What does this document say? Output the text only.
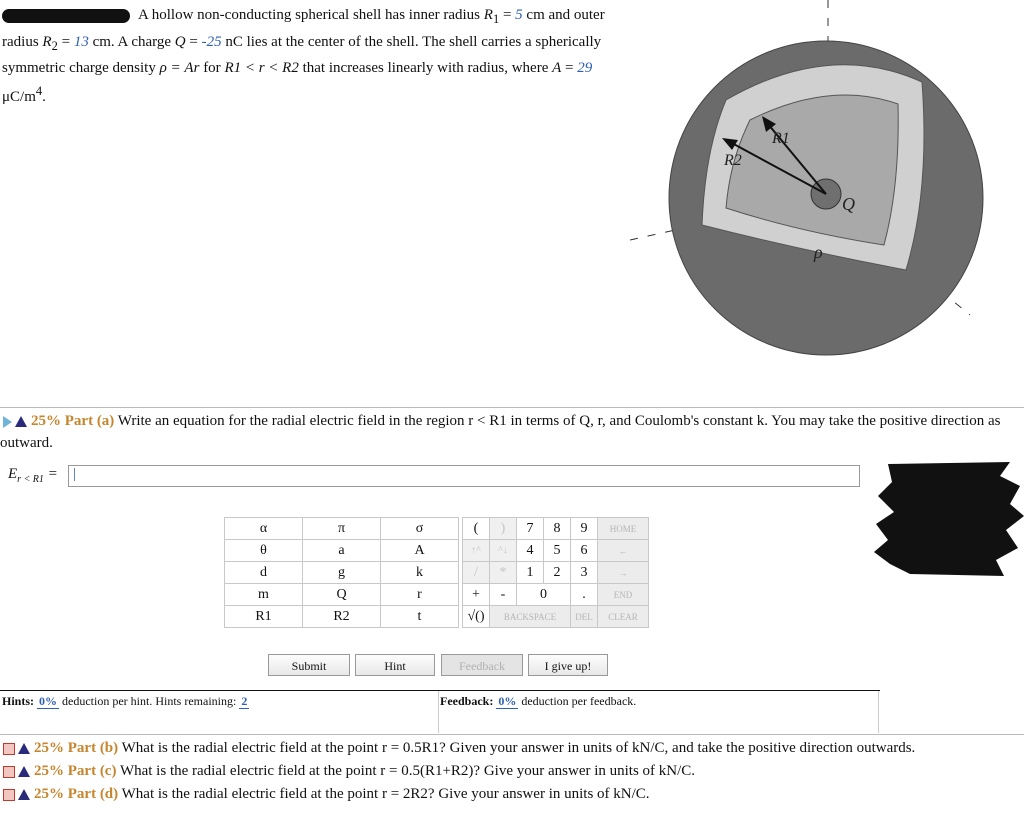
A hollow non-conducting spherical shell has inner radius $R_1 = 5$ cm and outer radius $R_2 = 13$ cm. A charge Q = -25 nC lies at the center of the shell. The shell carries a spherically symmetric charge density ρ = Ar for R1 < r < R2 that increases linearly with radius, where A = 29 $\mu C/m^4$.
R1
R2
Q
ρ
25% Part (a) Write an equation for the radial electric field in the region r < R1 in terms of Q, r, and Coulomb's constant k. You may take the positive direction as outward.
$E_{r < R1}$ =	|
α	π	σ
θ	a	A
d	g	k
m	Q	r
R1	R2	t
(	)	7	8	9	HOME
↑^	^↓	4	5	6	←
/	*	1	2	3	→
+	-	0		.	END
√()	BACKSPACE			DEL	CLEAR
Submit	Hint	Feedback	I give up!
Hints: 0% deduction per hint. Hints remaining: 2	Feedback: 0% deduction per feedback.
25% Part (b) What is the radial electric field at the point r = 0.5R1? Given your answer in units of kN/C, and take the positive direction outwards.
25% Part (c) What is the radial electric field at the point r = 0.5(R1+R2)? Give your answer in units of kN/C.
25% Part (d) What is the radial electric field at the point r = 2R2? Give your answer in units of kN/C.
